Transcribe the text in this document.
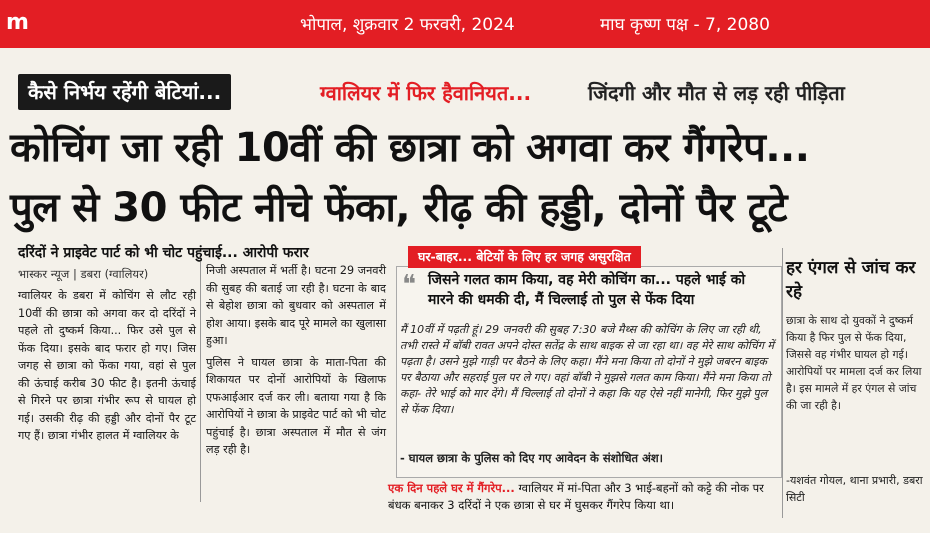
m	भोपाल, शुक्रवार 2 फरवरी, 2024	माघ कृष्ण पक्ष - 7, 2080
कैसे निर्भय रहेंगी बेटियां...	ग्वालियर में फिर हैवानियत...	जिंदगी और मौत से लड़ रही पीड़िता
कोचिंग जा रही 10वीं की छात्रा को अगवा कर गैंगरेप...
पुल से 30 फीट नीचे फेंका, रीढ़ की हड्डी, दोनों पैर टूटे
दरिंदों ने प्राइवेट पार्ट को भी चोट पहुंचाई... आरोपी फरार
भास्कर न्यूज | डबरा (ग्वालियर)
ग्वालियर के डबरा में कोचिंग से लौट रही 10वीं की छात्रा को अगवा कर दो दरिंदों ने पहले तो दुष्कर्म किया... फिर उसे पुल से फेंक दिया। इसके बाद फरार हो गए। जिस जगह से छात्रा को फेंका गया, वहां से पुल की ऊंचाई करीब 30 फीट है। इतनी ऊंचाई से गिरने पर छात्रा गंभीर रूप से घायल हो गई। उसकी रीढ़ की हड्डी और दोनों पैर टूट गए हैं। छात्रा गंभीर हालत में ग्वालियर के

निजी अस्पताल में भर्ती है। घटना 29 जनवरी की सुबह की बताई जा रही है। घटना के बाद से बेहोश छात्रा को बुधवार को अस्पताल में होश आया। इसके बाद पूरे मामले का खुलासा हुआ।

पुलिस ने घायल छात्रा के माता-पिता की शिकायत पर दोनों आरोपियों के खिलाफ एफआईआर दर्ज कर ली। बताया गया है कि आरोपियों ने छात्रा के प्राइवेट पार्ट को भी चोट पहुंचाई है। छात्रा अस्पताल में मौत से जंग लड़ रही है।

घर-बाहर... बेटियों के लिए हर जगह असुरक्षित
❝ जिसने गलत काम किया, वह मेरी कोचिंग का... पहले भाई को मारने की धमकी दी, मैं चिल्लाई तो पुल से फेंक दिया
मैं 10वीं में पढ़ती हूं। 29 जनवरी की सुबह 7:30 बजे मैथ्स की कोचिंग के लिए जा रही थी, तभी रास्ते में बॉबी रावत अपने दोस्त सतेंद्र के साथ बाइक से जा रहा था। वह मेरे साथ कोचिंग में पढ़ता है। उसने मुझे गाड़ी पर बैठने के लिए कहा। मैंने मना किया तो दोनों ने मुझे जबरन बाइक पर बैठाया और सहराई पुल पर ले गए। वहां बॉबी ने मुझसे गलत काम किया। मैंने मना किया तो कहा- तेरे भाई को मार देंगे। मैं चिल्लाई तो दोनों ने कहा कि यह ऐसे नहीं मानेगी, फिर मुझे पुल से फेंक दिया।
- घायल छात्रा के पुलिस को दिए गए आवेदन के संशोधित अंश।
एक दिन पहले घर में गैंगरेप... ग्वालियर में मां-पिता और 3 भाई-बहनों को कट्टे की नोक पर बंधक बनाकर 3 दरिंदों ने एक छात्रा से घर में घुसकर गैंगरेप किया था।
हर एंगल से जांच कर रहे
छात्रा के साथ दो युवकों ने दुष्कर्म किया है फिर पुल से फेंक दिया, जिससे वह गंभीर घायल हो गई। आरोपियों पर मामला दर्ज कर लिया है। इस मामले में हर एंगल से जांच की जा रही है।
-यशवंत गोयल, थाना प्रभारी, डबरा सिटी
